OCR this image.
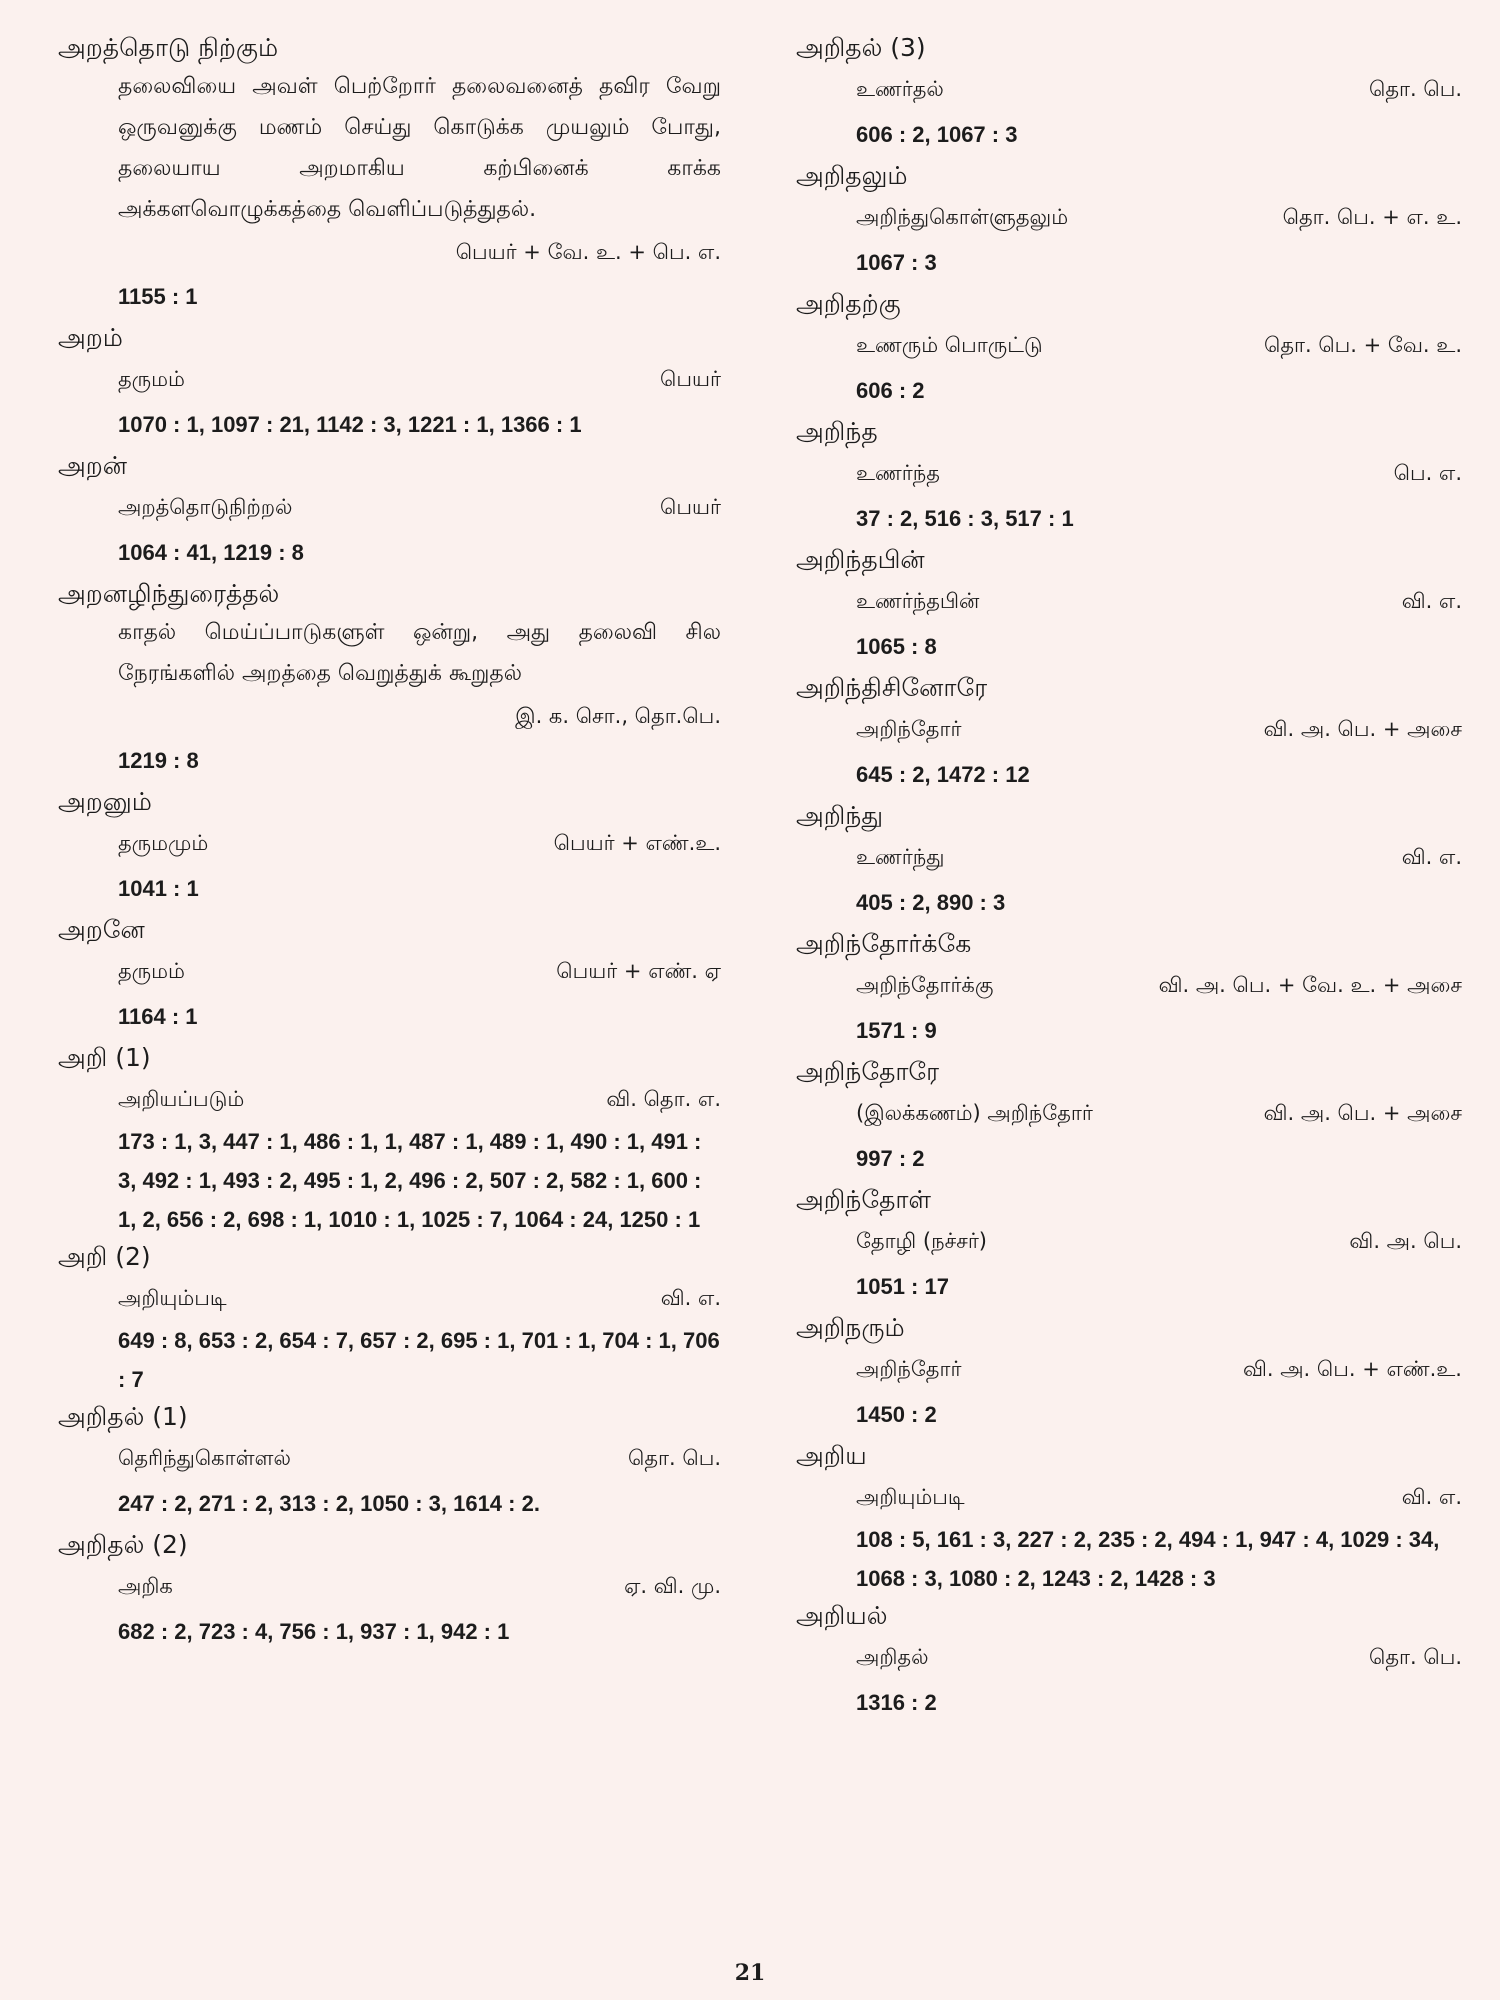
அறத்தொடு நிற்கும்
தலைவியை அவள் பெற்றோர் தலைவனைத் தவிர வேறு ஒருவனுக்கு மணம் செய்து கொடுக்க முயலும் போது, தலையாய அறமாகிய கற்பினைக் காக்க அக்களவொழுக்கத்தை வெளிப்படுத்துதல்.
பெயர் + வே. உ. + பெ. எ.
1155 : 1
அறம்
தருமம்	பெயர்
1070 : 1, 1097 : 21, 1142 : 3, 1221 : 1, 1366 : 1
அறன்
அறத்தொடுநிற்றல்	பெயர்
1064 : 41, 1219 : 8
அறனழிந்துரைத்தல்
காதல் மெய்ப்பாடுகளுள் ஒன்று, அது தலைவி சில நேரங்களில் அறத்தை வெறுத்துக் கூறுதல்
இ. க. சொ., தொ.பெ.
1219 : 8
அறனும்
தருமமும்	பெயர் + எண்.உ.
1041 : 1
அறனே
தருமம்	பெயர் + எண். ஏ
1164 : 1
அறி (1)
அறியப்படும்	வி. தொ. எ.
173 : 1, 3, 447 : 1, 486 : 1, 1, 487 : 1, 489 : 1, 490 : 1, 491 : 3, 492 : 1, 493 : 2, 495 : 1, 2, 496 : 2, 507 : 2, 582 : 1, 600 : 1, 2, 656 : 2, 698 : 1, 1010 : 1, 1025 : 7, 1064 : 24, 1250 : 1
அறி (2)
அறியும்படி	வி. எ.
649 : 8, 653 : 2, 654 : 7, 657 : 2, 695 : 1, 701 : 1, 704 : 1, 706 : 7
அறிதல் (1)
தெரிந்துகொள்ளல்	தொ. பெ.
247 : 2, 271 : 2, 313 : 2, 1050 : 3, 1614 : 2.
அறிதல் (2)
அறிக	ஏ. வி. மு.
682 : 2, 723 : 4, 756 : 1, 937 : 1, 942 : 1
அறிதல் (3)
உணர்தல்	தொ. பெ.
606 : 2, 1067 : 3
அறிதலும்
அறிந்துகொள்ளுதலும்	தொ. பெ. + எ. உ.
1067 : 3
அறிதற்கு
உணரும் பொருட்டு	தொ. பெ. + வே. உ.
606 : 2
அறிந்த
உணர்ந்த	பெ. எ.
37 : 2, 516 : 3, 517 : 1
அறிந்தபின்
உணர்ந்தபின்	வி. எ.
1065 : 8
அறிந்திசினோரே
அறிந்தோர்	வி. அ. பெ. + அசை
645 : 2, 1472 : 12
அறிந்து
உணர்ந்து	வி. எ.
405 : 2, 890 : 3
அறிந்தோர்க்கே
அறிந்தோர்க்கு	வி. அ. பெ. + வே. உ. + அசை
1571 : 9
அறிந்தோரே
(இலக்கணம்) அறிந்தோர்	வி. அ. பெ. + அசை
997 : 2
அறிந்தோள்
தோழி (நச்சர்)	வி. அ. பெ.
1051 : 17
அறிநரும்
அறிந்தோர்	வி. அ. பெ. + எண்.உ.
1450 : 2
அறிய
அறியும்படி	வி. எ.
108 : 5, 161 : 3, 227 : 2, 235 : 2, 494 : 1, 947 : 4, 1029 : 34, 1068 : 3, 1080 : 2, 1243 : 2, 1428 : 3
அறியல்
அறிதல்	தொ. பெ.
1316 : 2
21
